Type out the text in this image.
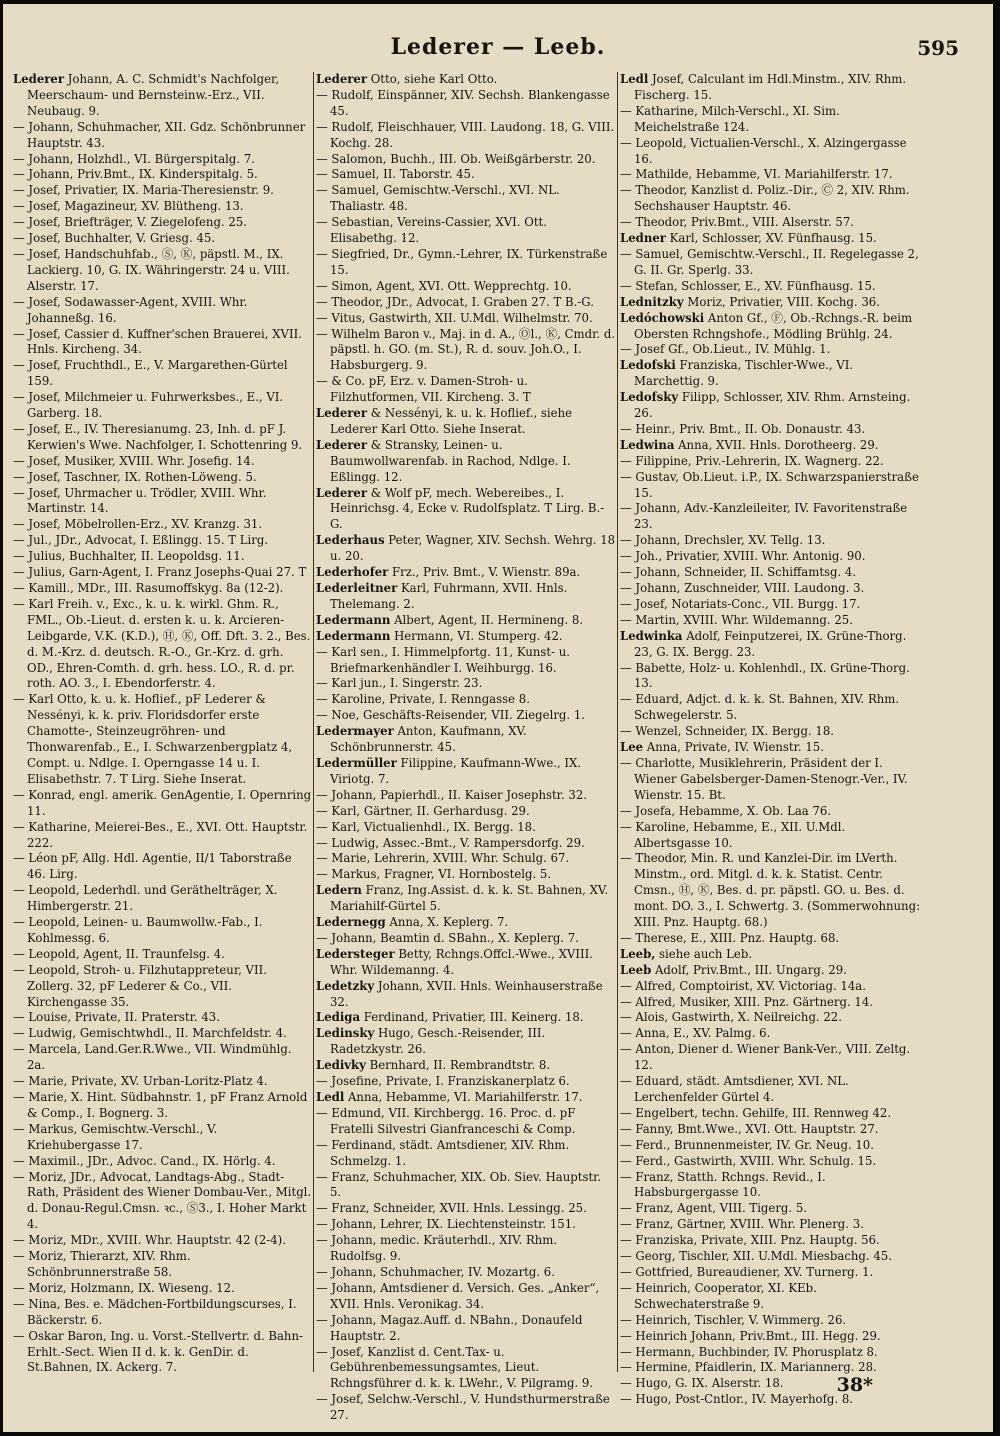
Lederer — Leeb.	595
Lederer Johann, A. C. Schmidt's Nachfolger, Meerschaum- und Bernsteinw.-Erz., VII. Neubaug. 9.
— Johann, Schuhmacher, XII. Gdz. Schönbrunner Hauptstr. 43.
— Johann, Holzhdl., VI. Bürgerspitalg. 7.
— Johann, Priv.Bmt., IX. Kinderspitalg. 5.
— Josef, Privatier, IX. Maria-Theresienstr. 9.
— Josef, Magazineur, XV. Blütheng. 13.
— Josef, Briefträger, V. Ziegelofeng. 25.
— Josef, Buchhalter, V. Griesg. 45.
— Josef, Handschuhfab., Ⓢ, Ⓚ, päpstl. M., IX. Lackierg. 10, G. IX. Währingerstr. 24 u. VIII. Alserstr. 17.
— Josef, Sodawasser-Agent, XVIII. Whr. Johanneßg. 16.
— Josef, Cassier d. Kuffner'schen Brauerei, XVII. Hnls. Kircheng. 34.
— Josef, Fruchthdl., E., V. Margarethen-Gürtel 159.
— Josef, Milchmeier u. Fuhrwerksbes., E., VI. Garberg. 18.
— Josef, E., IV. Theresianumg. 23, Inh. d. pF J. Kerwien's Wwe. Nachfolger, I. Schottenring 9.
— Josef, Musiker, XVIII. Whr. Josefig. 14.
— Josef, Taschner, IX. Rothen-Löweng. 5.
— Josef, Uhrmacher u. Trödler, XVIII. Whr. Martinstr. 14.
— Josef, Möbelrollen-Erz., XV. Kranzg. 31.
— Jul., JDr., Advocat, I. Eßlingg. 15. T Lirg.
— Julius, Buchhalter, II. Leopoldsg. 11.
— Julius, Garn-Agent, I. Franz Josephs-Quai 27. T
— Kamill., MDr., III. Rasumoffskyg. 8a (12-2).
— Karl Freih. v., Exc., k. u. k. wirkl. Ghm. R., FML., Ob.-Lieut. d. ersten k. u. k. Arcieren-Leibgarde, V.K. (K.D.), Ⓗ, Ⓚ, Off. Dft. 3. 2., Bes. d. M.-Krz. d. deutsch. R.-O., Gr.-Krz. d. grh. OD., Ehren-Comth. d. grh. hess. LO., R. d. pr. roth. AO. 3., I. Ebendorferstr. 4.
— Karl Otto, k. u. k. Hoflief., pF Lederer & Nessényi, k. k. priv. Floridsdorfer erste Chamotte-, Steinzeugröhren- und Thonwarenfab., E., I. Schwarzenbergplatz 4, Compt. u. Ndlge. I. Operngasse 14 u. I. Elisabethstr. 7. T Lirg. Siehe Inserat.
— Konrad, engl. amerik. GenAgentie, I. Opernring 11.
— Katharine, Meierei-Bes., E., XVI. Ott. Hauptstr. 222.
— Léon pF, Allg. Hdl. Agentie, II/1 Taborstraße 46. Lirg.
— Leopold, Lederhdl. und Geräthelträger, X. Himbergerstr. 21.
— Leopold, Leinen- u. Baumwollw.-Fab., I. Kohlmessg. 6.
— Leopold, Agent, II. Traunfelsg. 4.
— Leopold, Stroh- u. Filzhutappreteur, VII. Zollerg. 32, pF Lederer & Co., VII. Kirchengasse 35.
— Louise, Private, II. Praterstr. 43.
— Ludwig, Gemischtwhdl., II. Marchfeldstr. 4.
— Marcela, Land.Ger.R.Wwe., VII. Windmühlg. 2a.
— Marie, Private, XV. Urban-Loritz-Platz 4.
— Marie, X. Hint. Südbahnstr. 1, pF Franz Arnold & Comp., I. Bognerg. 3.
— Markus, Gemischtw.-Verschl., V. Kriehubergasse 17.
— Maximil., JDr., Advoc. Cand., IX. Hörlg. 4.
— Moriz, JDr., Advocat, Landtags-Abg., Stadt-Rath, Präsident des Wiener Dombau-Ver., Mitgl. d. Donau-Regul.Cmsn. ꝛc., Ⓢ3., I. Hoher Markt 4.
— Moriz, MDr., XVIII. Whr. Hauptstr. 42 (2-4).
— Moriz, Thierarzt, XIV. Rhm. Schönbrunnerstraße 58.
— Moriz, Holzmann, IX. Wieseng. 12.
— Nina, Bes. e. Mädchen-Fortbildungscurses, I. Bäckerstr. 6.
— Oskar Baron, Ing. u. Vorst.-Stellvertr. d. Bahn-Erhlt.-Sect. Wien II d. k. k. GenDir. d. St.Bahnen, IX. Ackerg. 7.
Lederer Otto, siehe Karl Otto.
— Rudolf, Einspänner, XIV. Sechsh. Blankengasse 45.
— Rudolf, Fleischhauer, VIII. Laudong. 18, G. VIII. Kochg. 28.
— Salomon, Buchh., III. Ob. Weißgärberstr. 20.
— Samuel, II. Taborstr. 45.
— Samuel, Gemischtw.-Verschl., XVI. NL. Thaliastr. 48.
— Sebastian, Vereins-Cassier, XVI. Ott. Elisabethg. 12.
— Siegfried, Dr., Gymn.-Lehrer, IX. Türkenstraße 15.
— Simon, Agent, XVI. Ott. Wepprechtg. 10.
— Theodor, JDr., Advocat, I. Graben 27. T B.-G.
— Vitus, Gastwirth, XII. U.Mdl. Wilhelmstr. 70.
— Wilhelm Baron v., Maj. in d. A., Ⓞl., Ⓚ, Cmdr. d. päpstl. h. GO. (m. St.), R. d. souv. Joh.O., I. Habsburgerg. 9.
— & Co. pF, Erz. v. Damen-Stroh- u. Filzhutformen, VII. Kircheng. 3. T
Lederer & Nessényi, k. u. k. Hoflief., siehe Lederer Karl Otto. Siehe Inserat.
Lederer & Stransky, Leinen- u. Baumwollwarenfab. in Rachod, Ndlge. I. Eßlingg. 12.
Lederer & Wolf pF, mech. Webereibes., I. Heinrichsg. 4, Ecke v. Rudolfsplatz. T Lirg. B.-G.
Lederhaus Peter, Wagner, XIV. Sechsh. Wehrg. 18 u. 20.
Lederhofer Frz., Priv. Bmt., V. Wienstr. 89a.
Lederleitner Karl, Fuhrmann, XVII. Hnls. Thelemang. 2.
Ledermann Albert, Agent, II. Hermineng. 8.
Ledermann Hermann, VI. Stumperg. 42.
— Karl sen., I. Himmelpfortg. 11, Kunst- u. Briefmarkenhändler I. Weihburgg. 16.
— Karl jun., I. Singerstr. 23.
— Karoline, Private, I. Renngasse 8.
— Noe, Geschäfts-Reisender, VII. Ziegelrg. 1.
Ledermayer Anton, Kaufmann, XV. Schönbrunnerstr. 45.
Ledermüller Filippine, Kaufmann-Wwe., IX. Viriotg. 7.
— Johann, Papierhdl., II. Kaiser Josephstr. 32.
— Karl, Gärtner, II. Gerhardusg. 29.
— Karl, Victualienhdl., IX. Bergg. 18.
— Ludwig, Assec.-Bmt., V. Rampersdorfg. 29.
— Marie, Lehrerin, XVIII. Whr. Schulg. 67.
— Markus, Fragner, VI. Hornbostelg. 5.
Ledern Franz, Ing.Assist. d. k. k. St. Bahnen, XV. Mariahilf-Gürtel 5.
Ledernegg Anna, X. Keplerg. 7.
— Johann, Beamtin d. SBahn., X. Keplerg. 7.
Ledersteger Betty, Rchngs.Offcl.-Wwe., XVIII. Whr. Wildemanng. 4.
Ledetzky Johann, XVII. Hnls. Weinhauserstraße 32.
Lediga Ferdinand, Privatier, III. Keinerg. 18.
Ledinsky Hugo, Gesch.-Reisender, III. Radetzkystr. 26.
Ledivky Bernhard, II. Rembrandtstr. 8.
— Josefine, Private, I. Franziskanerplatz 6.
Ledl Anna, Hebamme, VI. Mariahilferstr. 17.
— Edmund, VII. Kirchbergg. 16. Proc. d. pF Fratelli Silvestri Gianfranceschi & Comp.
— Ferdinand, städt. Amtsdiener, XIV. Rhm. Schmelzg. 1.
— Franz, Schuhmacher, XIX. Ob. Siev. Hauptstr. 5.
— Franz, Schneider, XVII. Hnls. Lessingg. 25.
— Johann, Lehrer, IX. Liechtensteinstr. 151.
— Johann, medic. Kräuterhdl., XIV. Rhm. Rudolfsg. 9.
— Johann, Schuhmacher, IV. Mozartg. 6.
— Johann, Amtsdiener d. Versich. Ges. „Anker“, XVII. Hnls. Veronikag. 34.
— Johann, Magaz.Auff. d. NBahn., Donaufeld Hauptstr. 2.
— Josef, Kanzlist d. Cent.Tax- u. Gebührenbemessungsamtes, Lieut. Rchngsführer d. k. k. LWehr., V. Pilgramg. 9.
— Josef, Selchw.-Verschl., V. Hundsthurmerstraße 27.
Ledl Josef, Calculant im Hdl.Minstm., XIV. Rhm. Fischerg. 15.
— Katharine, Milch-Verschl., XI. Sim. Meichelstraße 124.
— Leopold, Victualien-Verschl., X. Alzingergasse 16.
— Mathilde, Hebamme, VI. Mariahilferstr. 17.
— Theodor, Kanzlist d. Poliz.-Dir., Ⓒ 2, XIV. Rhm. Sechshauser Hauptstr. 46.
— Theodor, Priv.Bmt., VIII. Alserstr. 57.
Ledner Karl, Schlosser, XV. Fünfhausg. 15.
— Samuel, Gemischtw.-Verschl., II. Regelegasse 2, G. II. Gr. Sperlg. 33.
— Stefan, Schlosser, E., XV. Fünfhausg. 15.
Lednitzky Moriz, Privatier, VIII. Kochg. 36.
Ledóchowski Anton Gf., Ⓕ, Ob.-Rchngs.-R. beim Obersten Rchngshofe., Mödling Brühlg. 24.
— Josef Gf., Ob.Lieut., IV. Mühlg. 1.
Ledofski Franziska, Tischler-Wwe., VI. Marchettig. 9.
Ledofsky Filipp, Schlosser, XIV. Rhm. Arnsteing. 26.
— Heinr., Priv. Bmt., II. Ob. Donaustr. 43.
Ledwina Anna, XVII. Hnls. Dorotheerg. 29.
— Filippine, Priv.-Lehrerin, IX. Wagnerg. 22.
— Gustav, Ob.Lieut. i.P., IX. Schwarzspanierstraße 15.
— Johann, Adv.-Kanzleileiter, IV. Favoritenstraße 23.
— Johann, Drechsler, XV. Tellg. 13.
— Joh., Privatier, XVIII. Whr. Antonig. 90.
— Johann, Schneider, II. Schiffamtsg. 4.
— Johann, Zuschneider, VIII. Laudong. 3.
— Josef, Notariats-Conc., VII. Burgg. 17.
— Martin, XVIII. Whr. Wildemanng. 25.
Ledwinka Adolf, Feinputzerei, IX. Grüne-Thorg. 23, G. IX. Bergg. 23.
— Babette, Holz- u. Kohlenhdl., IX. Grüne-Thorg. 13.
— Eduard, Adjct. d. k. k. St. Bahnen, XIV. Rhm. Schwegelerstr. 5.
— Wenzel, Schneider, IX. Bergg. 18.
Lee Anna, Private, IV. Wienstr. 15.
— Charlotte, Musiklehrerin, Präsident der I. Wiener Gabelsberger-Damen-Stenogr.-Ver., IV. Wienstr. 15. Bt.
— Josefa, Hebamme, X. Ob. Laa 76.
— Karoline, Hebamme, E., XII. U.Mdl. Albertsgasse 10.
— Theodor, Min. R. und Kanzlei-Dir. im LVerth. Minstm., ord. Mitgl. d. k. k. Statist. Centr. Cmsn., Ⓗ, Ⓚ, Bes. d. pr. päpstl. GO. u. Bes. d. mont. DO. 3., I. Schwertg. 3. (Sommerwohnung: XIII. Pnz. Hauptg. 68.)
— Therese, E., XIII. Pnz. Hauptg. 68.
Leeb, siehe auch Leb.
Leeb Adolf, Priv.Bmt., III. Ungarg. 29.
— Alfred, Comptoirist, XV. Victoriag. 14a.
— Alfred, Musiker, XIII. Pnz. Gärtnerg. 14.
— Alois, Gastwirth, X. Neilreichg. 22.
— Anna, E., XV. Palmg. 6.
— Anton, Diener d. Wiener Bank-Ver., VIII. Zeltg. 12.
— Eduard, städt. Amtsdiener, XVI. NL. Lerchenfelder Gürtel 4.
— Engelbert, techn. Gehilfe, III. Rennweg 42.
— Fanny, Bmt.Wwe., XVI. Ott. Hauptstr. 27.
— Ferd., Brunnenmeister, IV. Gr. Neug. 10.
— Ferd., Gastwirth, XVIII. Whr. Schulg. 15.
— Franz, Statth. Rchngs. Revid., I. Habsburgergasse 10.
— Franz, Agent, VIII. Tigerg. 5.
— Franz, Gärtner, XVIII. Whr. Plenerg. 3.
— Franziska, Private, XIII. Pnz. Hauptg. 56.
— Georg, Tischler, XII. U.Mdl. Miesbachg. 45.
— Gottfried, Bureaudiener, XV. Turnerg. 1.
— Heinrich, Cooperator, XI. KEb. Schwechaterstraße 9.
— Heinrich, Tischler, V. Wimmerg. 26.
— Heinrich Johann, Priv.Bmt., III. Hegg. 29.
— Hermann, Buchbinder, IV. Phorusplatz 8.
— Hermine, Pfaidlerin, IX. Mariannerg. 28.
— Hugo, G. IX. Alserstr. 18.
— Hugo, Post-Cntlor., IV. Mayerhofg. 8.
38*
